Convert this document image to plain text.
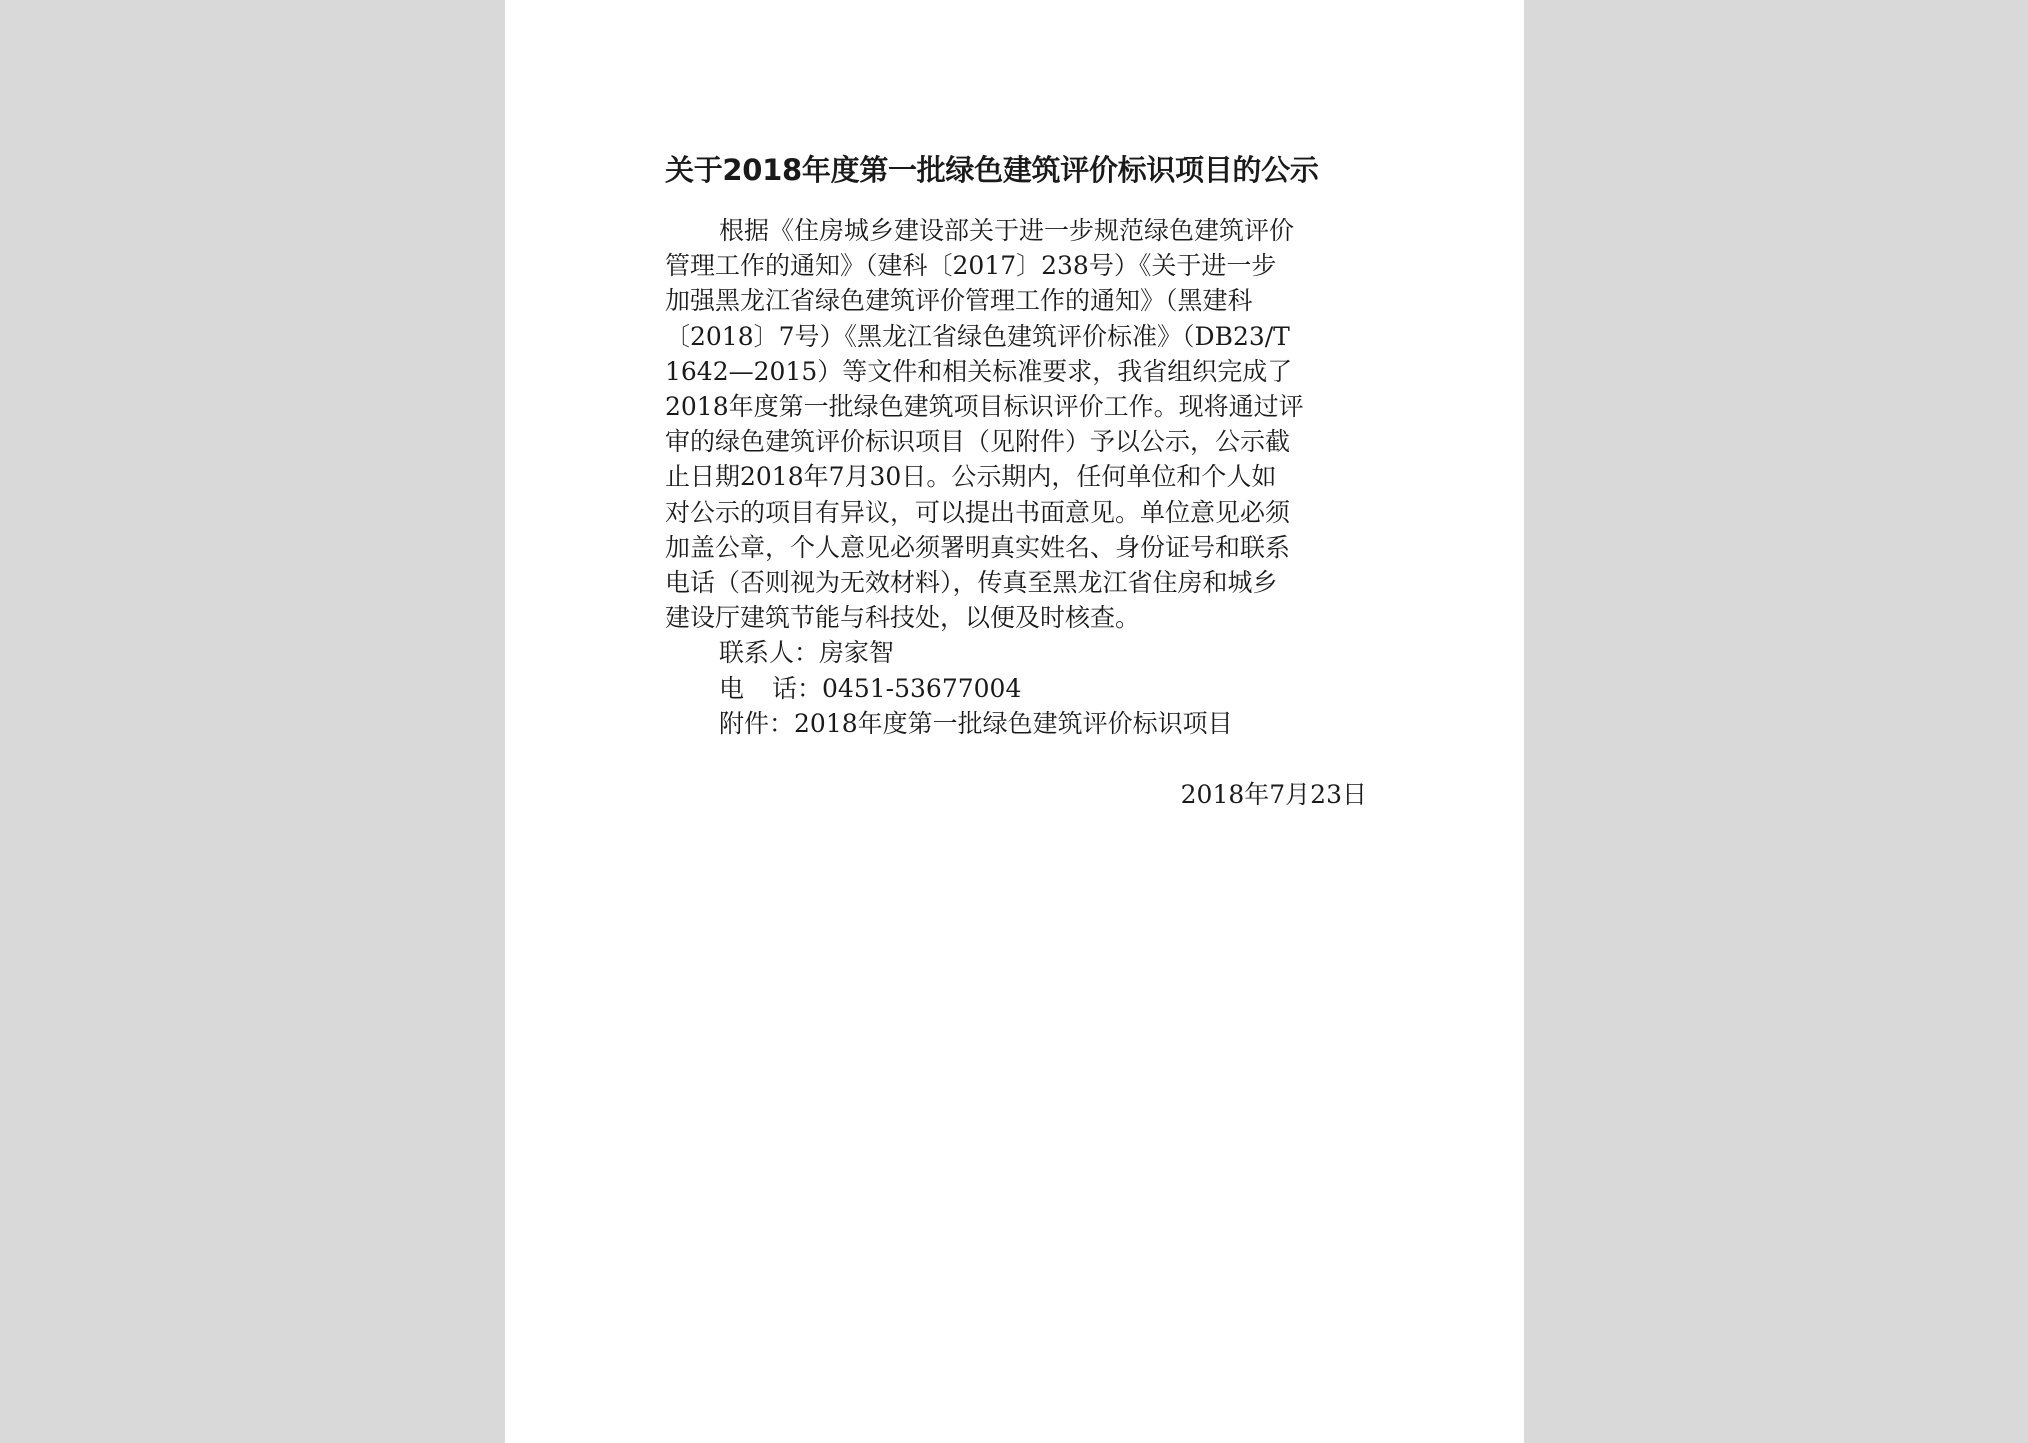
关于2018年度第一批绿色建筑评价标识项目的公示

根据《住房城乡建设部关于进一步规范绿色建筑评价
管理工作的通知》（建科〔2017〕238号）《关于进一步
加强黑龙江省绿色建筑评价管理工作的通知》（黑建科
〔2018〕7号）《黑龙江省绿色建筑评价标准》（DB23/T
1642—2015）等文件和相关标准要求，我省组织完成了
2018年度第一批绿色建筑项目标识评价工作。现将通过评
审的绿色建筑评价标识项目（见附件）予以公示，公示截
止日期2018年7月30日。公示期内，任何单位和个人如
对公示的项目有异议，可以提出书面意见。单位意见必须
加盖公章，个人意见必须署明真实姓名、身份证号和联系
电话（否则视为无效材料），传真至黑龙江省住房和城乡
建设厅建筑节能与科技处，以便及时核查。

联系人：房家智
电 话：0451-53677004
附件：2018年度第一批绿色建筑评价标识项目
2018年7月23日
